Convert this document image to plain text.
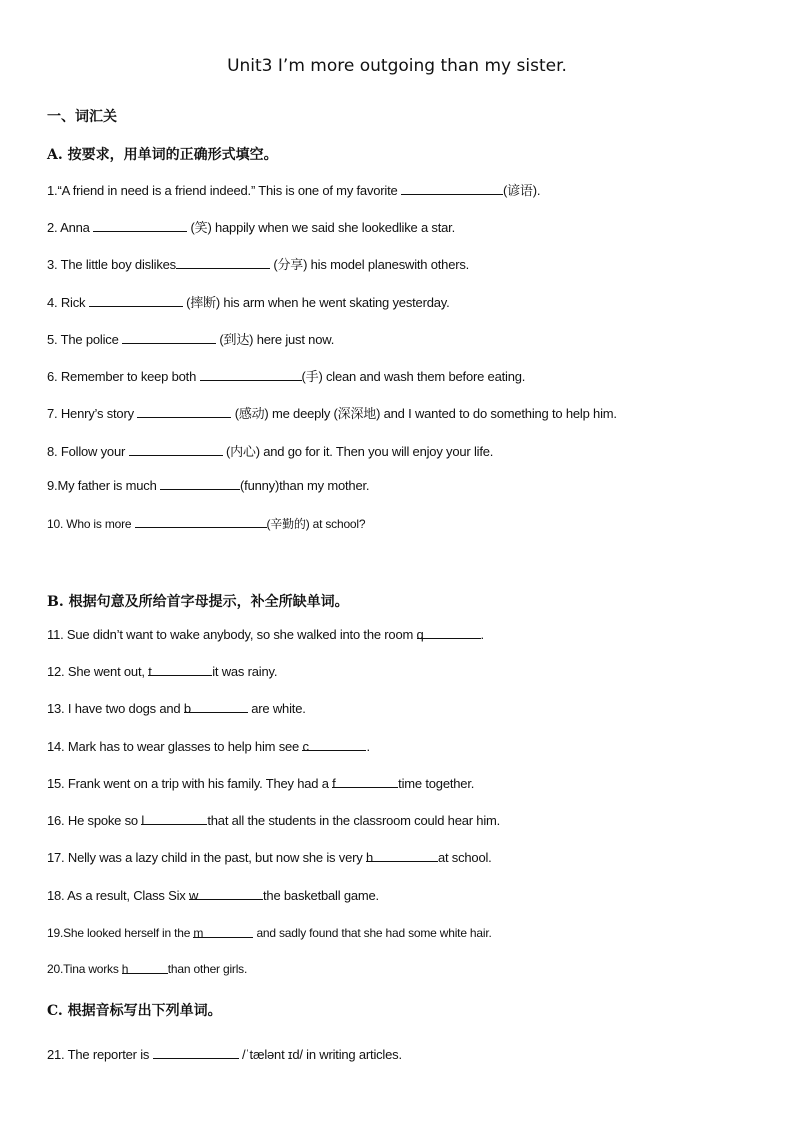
Unit3 I’m more outgoing than my sister.
一、词汇关
A. 按要求，用单词的正确形式填空。
1.“A friend in need is a friend indeed.” This is one of my favorite	(谚语).
2. Anna	(笑) happily when we said she lookedlike a star.
3. The little boy dislikes	(分享) his model planeswith others.
4. Rick	(摔断) his arm when he went skating yesterday.
5. The police	(到达) here just now.
6. Remember to keep both	(手) clean and wash them before eating.
7. Henry’s story	(感动) me deeply (深深地) and I wanted to do something to help him.
8. Follow your	(内心) and go for it. Then you will enjoy your life.
9.My father is much	(funny)than my mother.
10. Who is more	(辛勤的) at school?
B. 根据句意及所给首字母提示，补全所缺单词。
11. Sue didn’t want to wake anybody, so she walked into the room q	.
12. She went out, t	it was rainy.
13. I have two dogs and b	are white.
14. Mark has to wear glasses to help him see c	.
15. Frank went on a trip with his family. They had a f	time together.
16. He spoke so l	that all the students in the classroom could hear him.
17. Nelly was a lazy child in the past, but now she is very h	at school.
18. As a result, Class Six w	the basketball game.
19.She looked herself in the m	and sadly found that she had some white hair.
20.Tina works h	than other girls.
C. 根据音标写出下列单词。
21. The reporter is	/ˈtælənt ɪd/ in writing articles.
